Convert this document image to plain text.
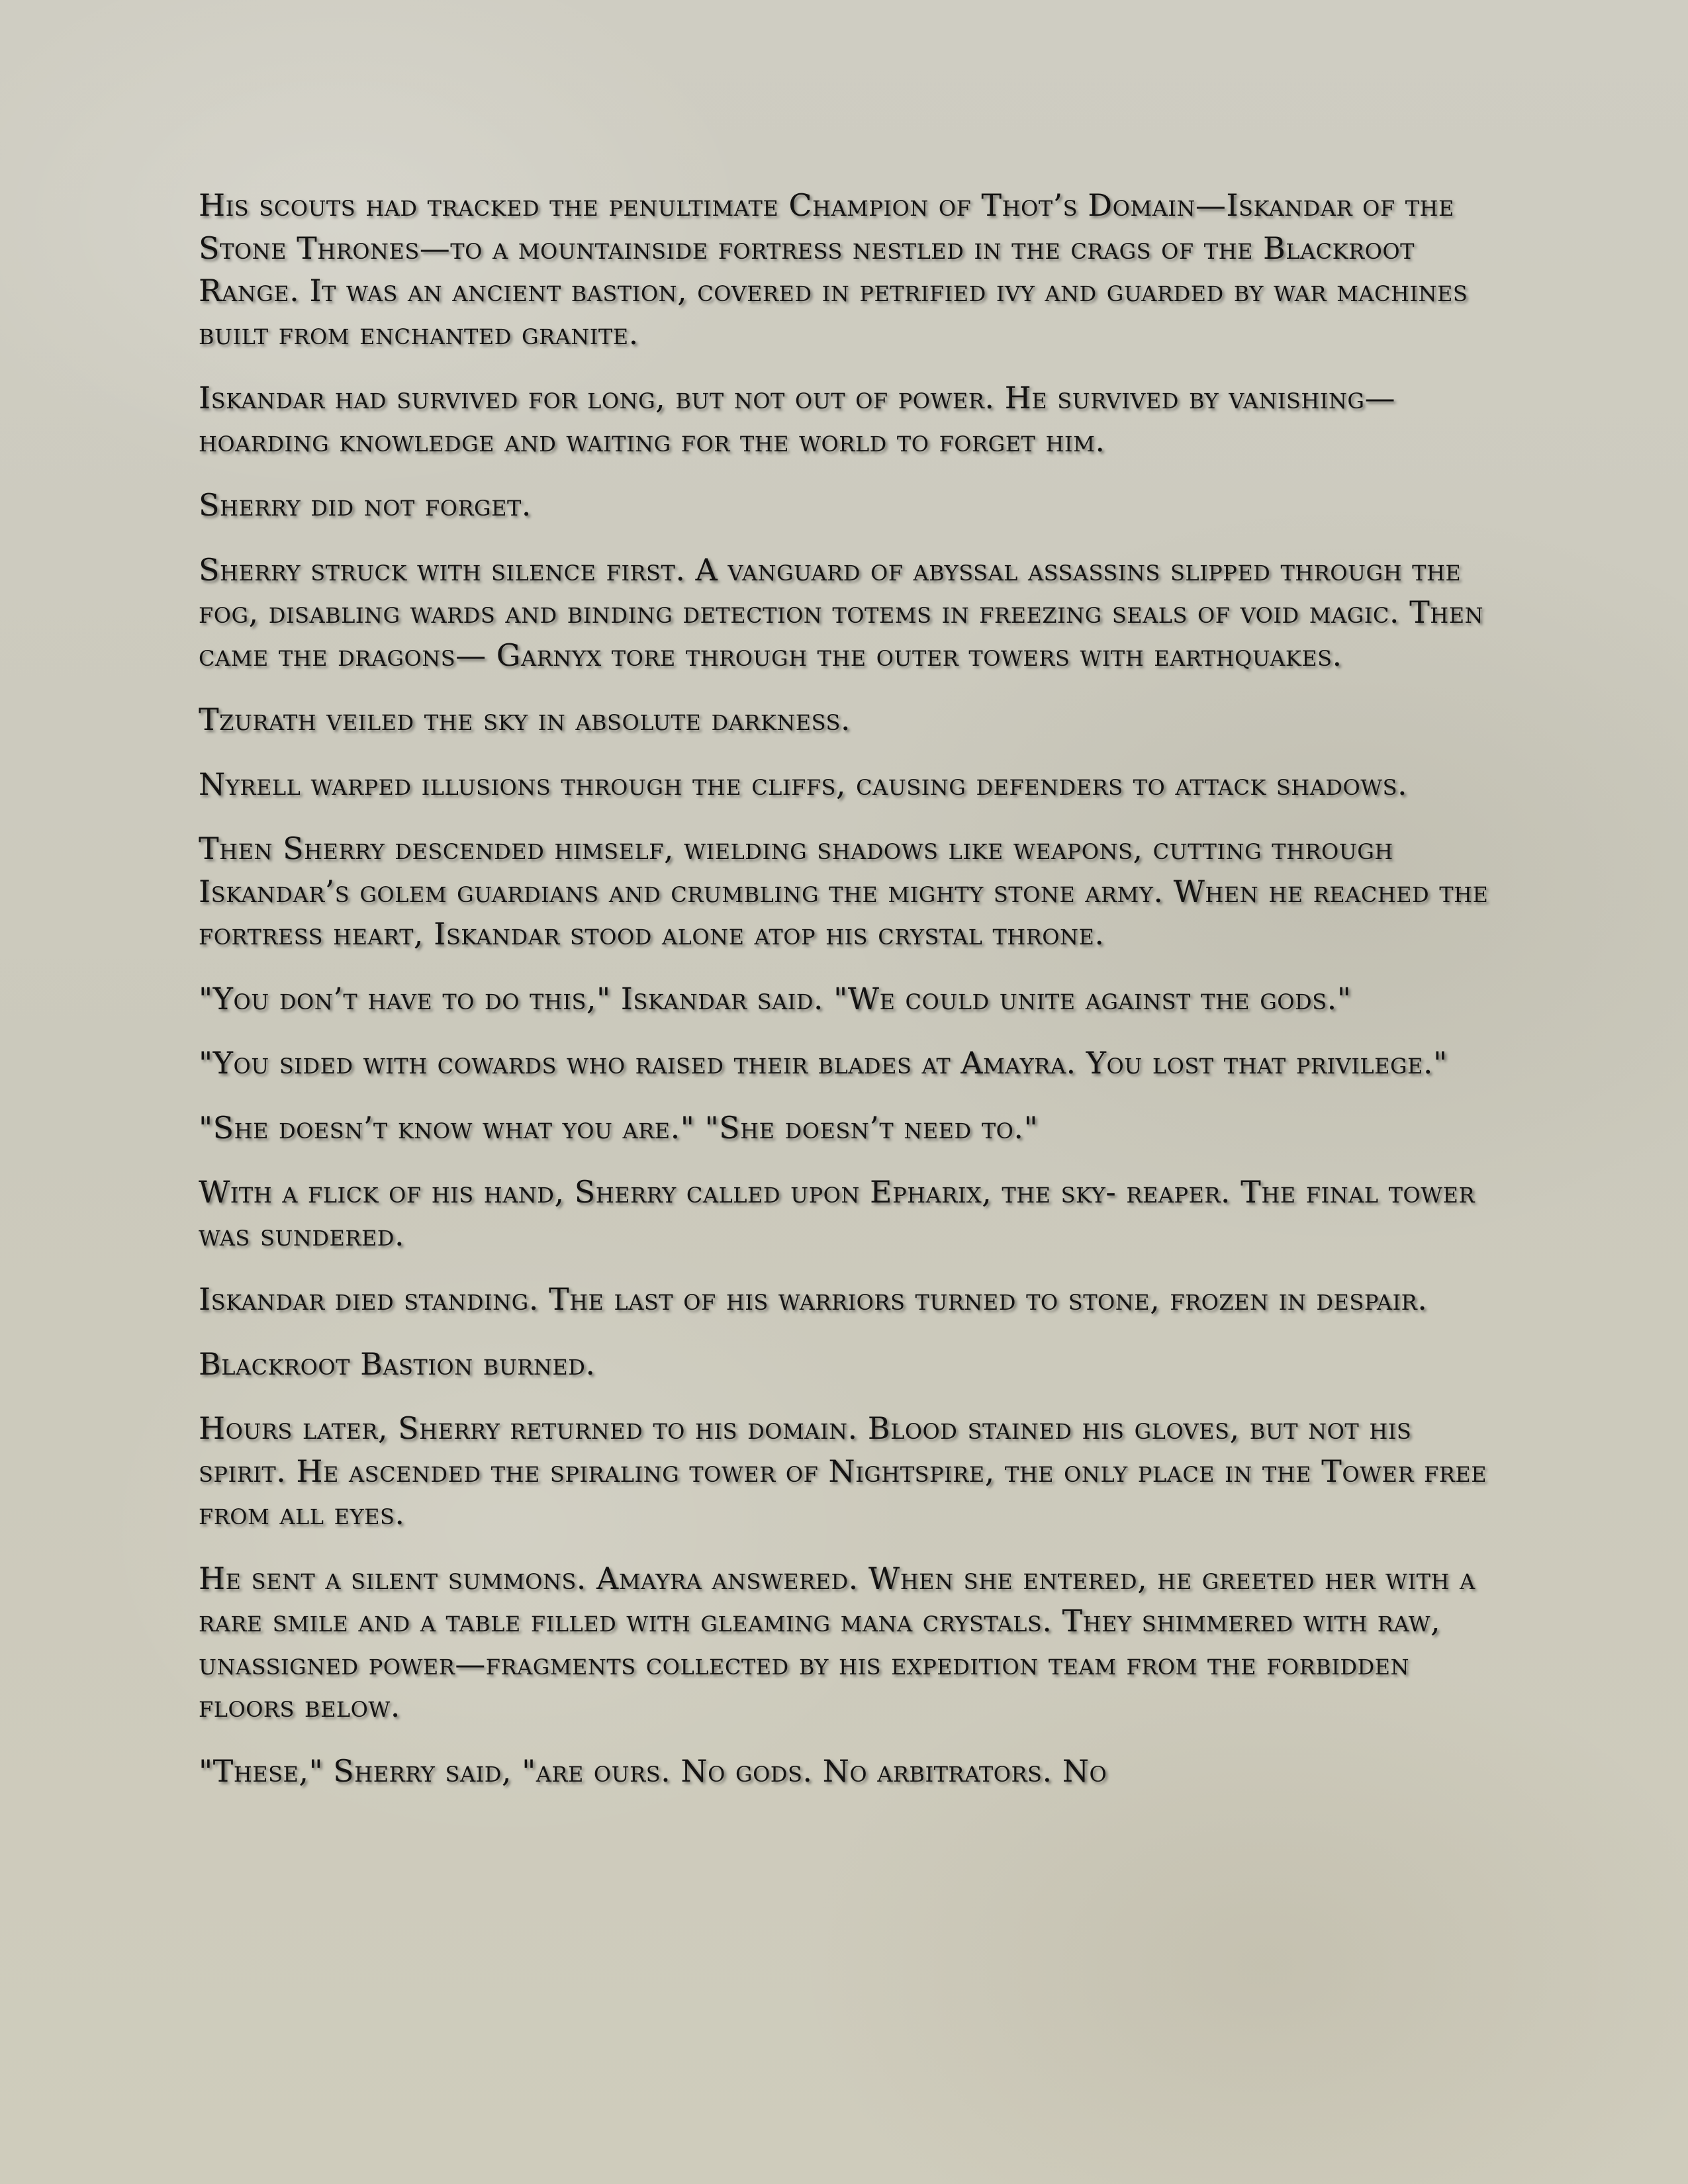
His scouts had tracked the penultimate Champion of Thot’s Domain—Iskandar of the Stone Thrones—to a mountainside fortress nestled in the crags of the Blackroot Range. It was an ancient bastion, covered in petrified ivy and guarded by war machines built from enchanted granite.

Iskandar had survived for long, but not out of power. He survived by vanishing—hoarding knowledge and waiting for the world to forget him.

Sherry did not forget.

Sherry struck with silence first. A vanguard of abyssal assassins slipped through the fog, disabling wards and binding detection totems in freezing seals of void magic. Then came the dragons— Garnyx tore through the outer towers with earthquakes.

Tzurath veiled the sky in absolute darkness.

Nyrell warped illusions through the cliffs, causing defenders to attack shadows.

Then Sherry descended himself, wielding shadows like weapons, cutting through Iskandar’s golem guardians and crumbling the mighty stone army. When he reached the fortress heart, Iskandar stood alone atop his crystal throne.

"You don’t have to do this," Iskandar said. "We could unite against the gods."

"You sided with cowards who raised their blades at Amayra. You lost that privilege."

"She doesn’t know what you are." "She doesn’t need to."

With a flick of his hand, Sherry called upon Epharix, the sky- reaper. The final tower was sundered.

Iskandar died standing. The last of his warriors turned to stone, frozen in despair.

Blackroot Bastion burned.

Hours later, Sherry returned to his domain. Blood stained his gloves, but not his spirit. He ascended the spiraling tower of Nightspire, the only place in the Tower free from all eyes.

He sent a silent summons. Amayra answered. When she entered, he greeted her with a rare smile and a table filled with gleaming mana crystals. They shimmered with raw, unassigned power—fragments collected by his expedition team from the forbidden floors below.

"These," Sherry said, "are ours. No gods. No arbitrators. No
